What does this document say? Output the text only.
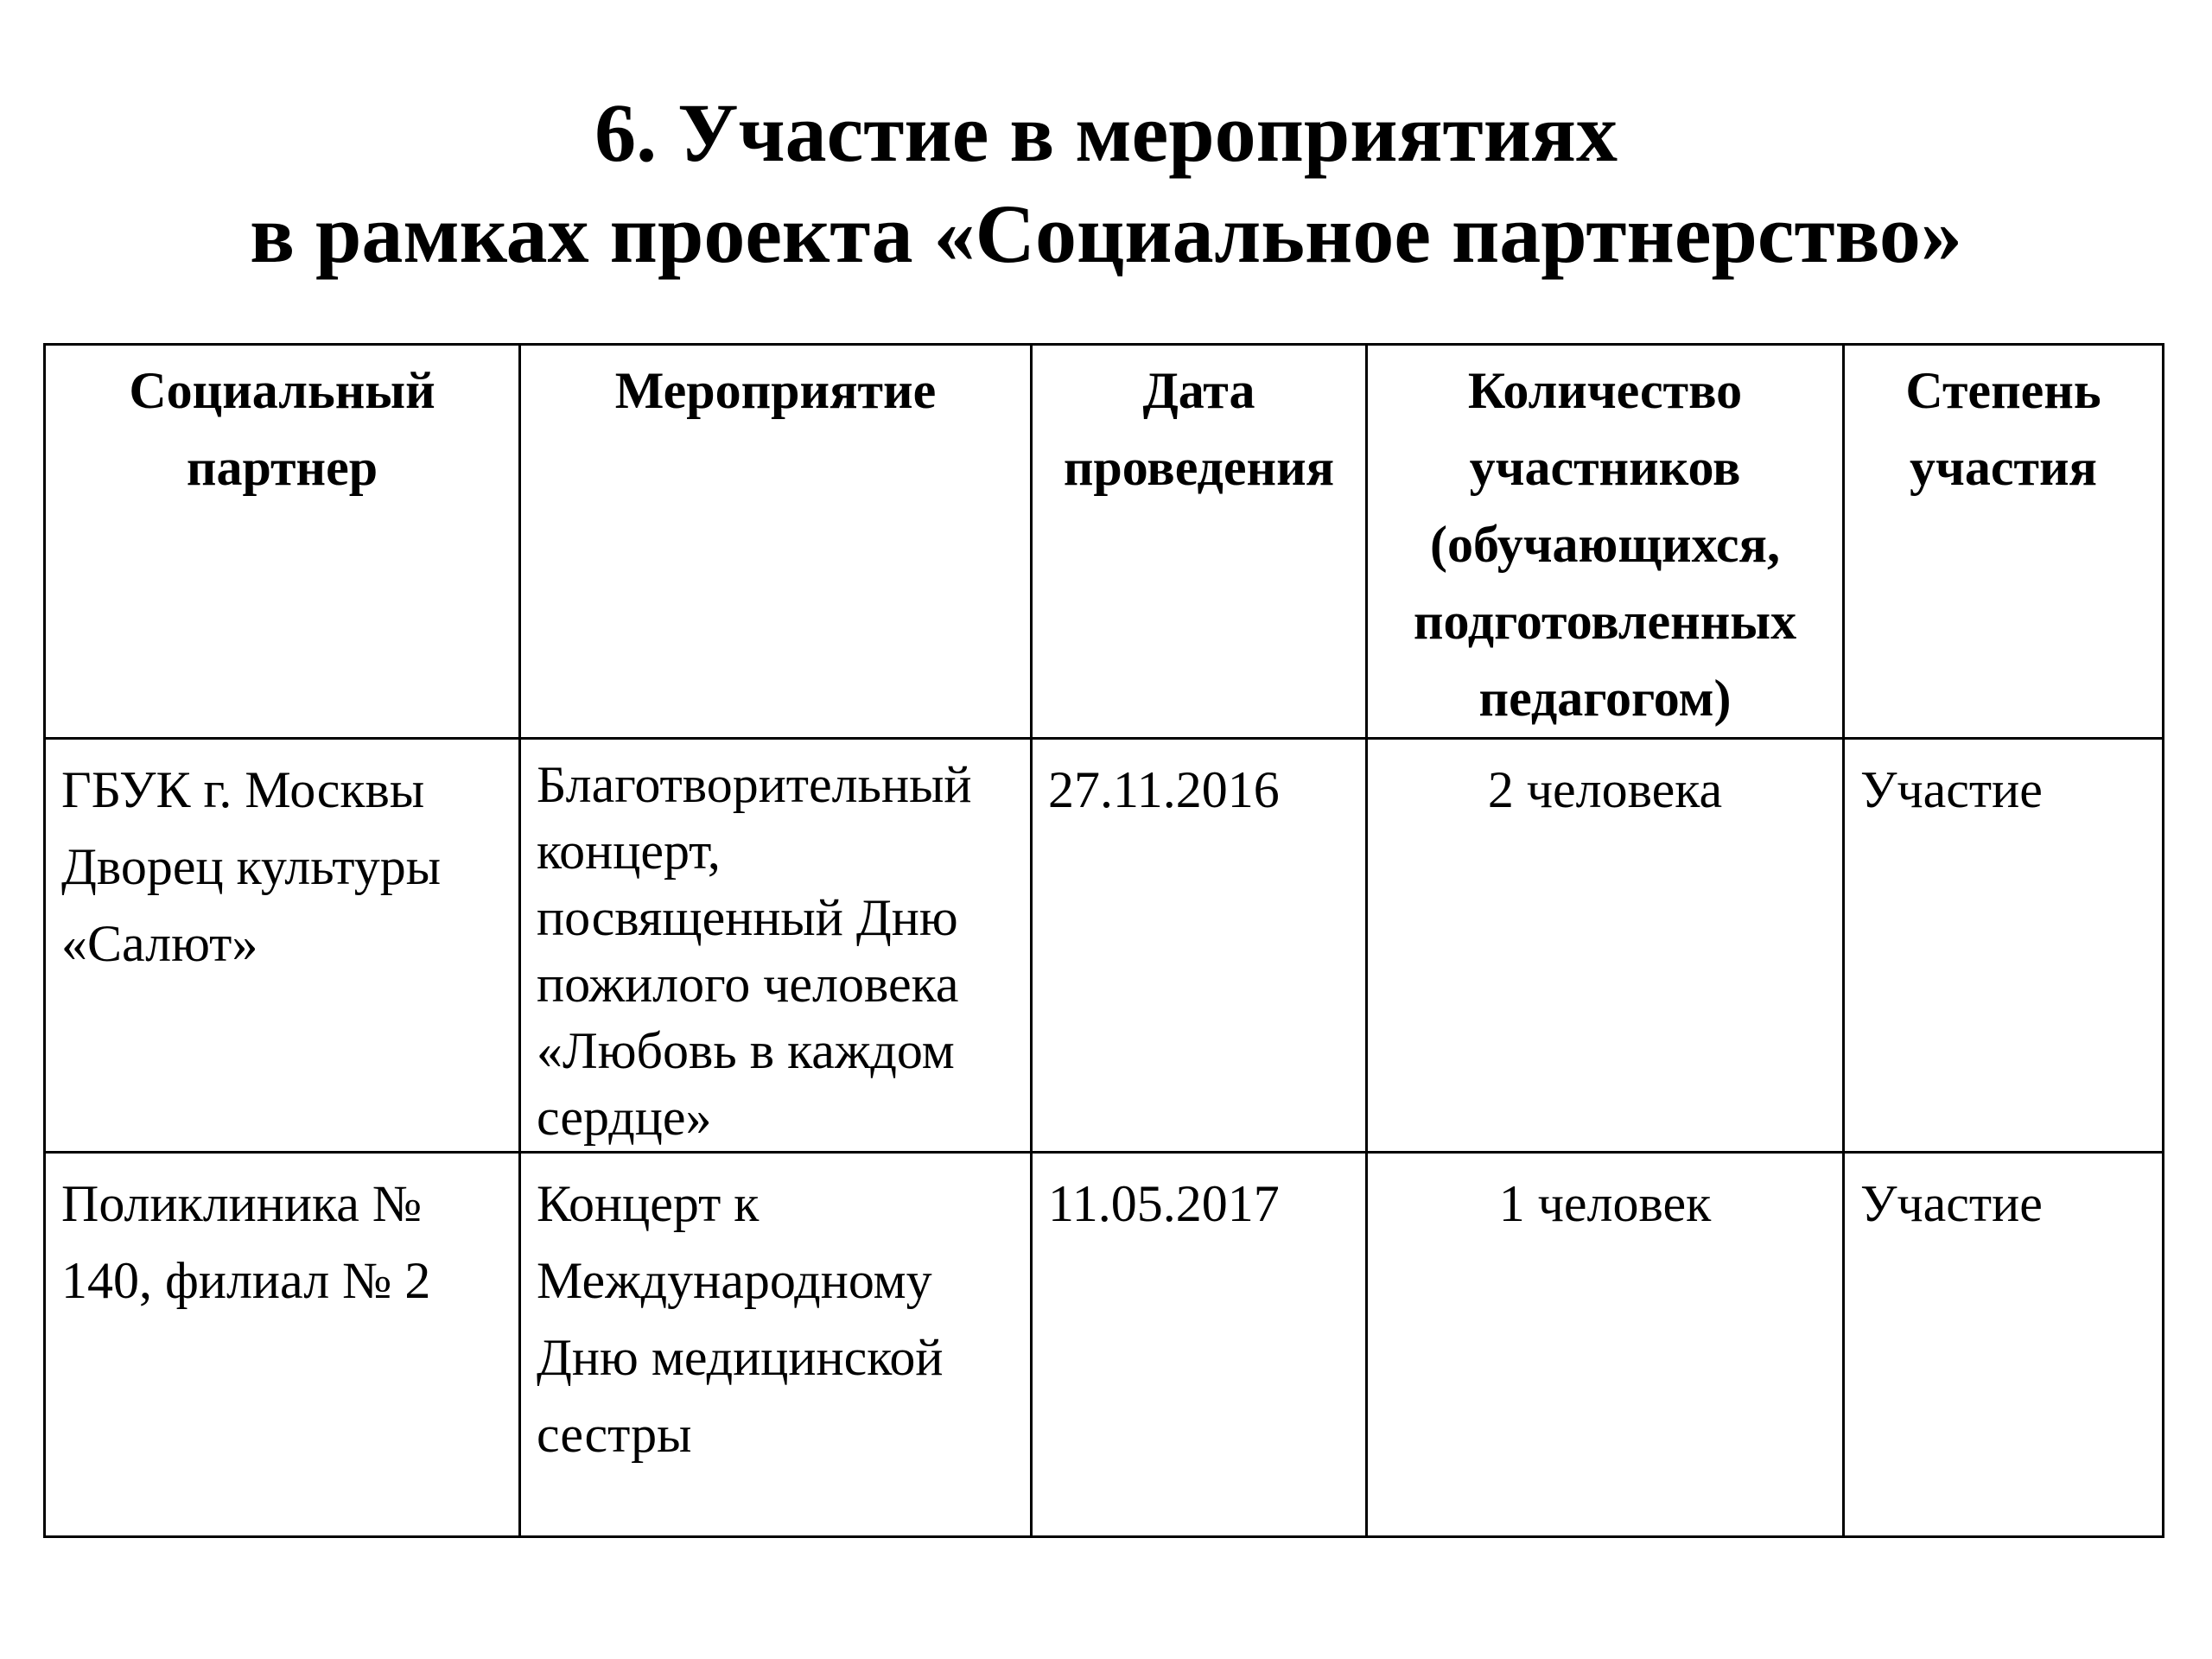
6. Участие в мероприятиях
в рамках проекта «Социальное партнерство»
Социальный партнер	Мероприятие	Дата проведения	Количество участников (обучающихся, подготовленных педагогом)	Степень участия

ГБУК г. Москвы Дворец культуры «Салют»	Благотворительный концерт, посвященный Дню пожилого человека «Любовь в каждом сердце»	27.11.2016	2 человека	Участие

Поликлиника № 140, филиал № 2	Концерт к Международному Дню медицинской сестры	11.05.2017	1 человек	Участие
